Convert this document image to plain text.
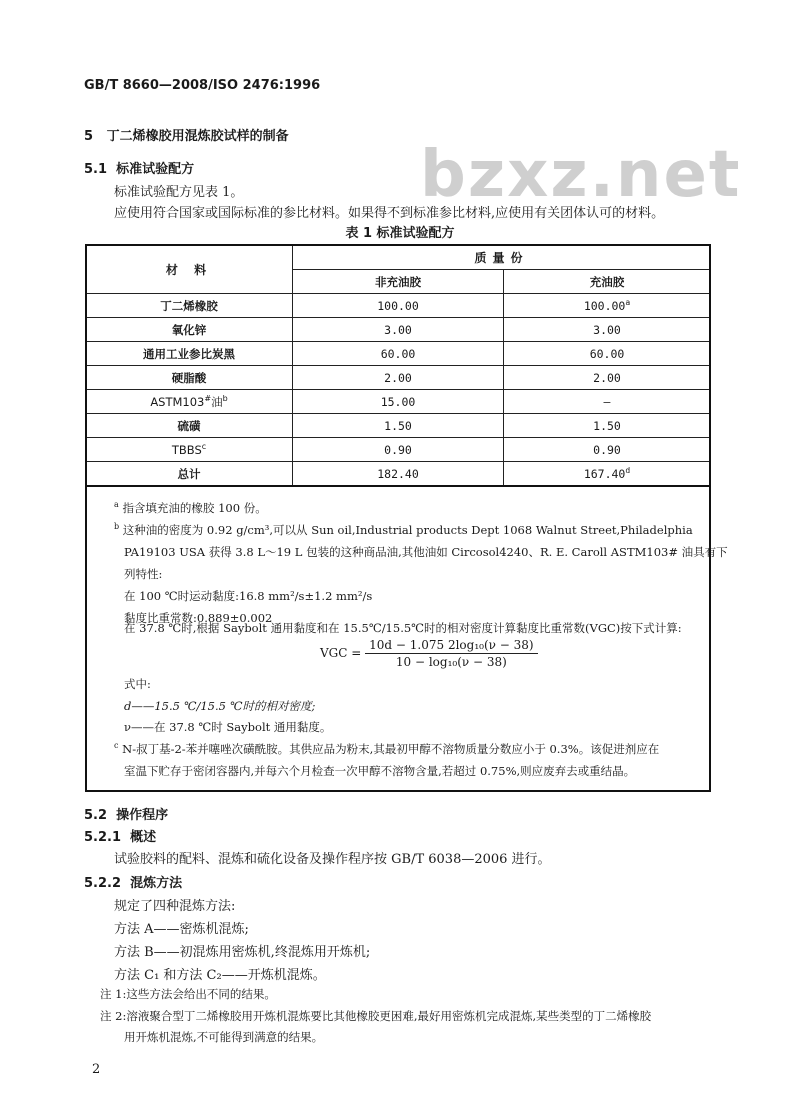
GB/T 8660—2008/ISO 2476:1996
bzxz.net
5 丁二烯橡胶用混炼胶试样的制备
5.1 标准试验配方
标准试验配方见表 1。
应使用符合国家或国际标准的参比材料。如果得不到标准参比材料,应使用有关团体认可的材料。
表 1 标准试验配方
材 料	质量份	
	非充油胶	充油胶
丁二烯橡胶	100.00	100.00$^a$
氧化锌	3.00	3.00
通用工业参比炭黑	60.00	60.00
硬脂酸	2.00	2.00
ASTM103#油$^b$	15.00	—
硫磺	1.50	1.50
TBBS$^c$	0.90	0.90
总计	182.40	167.40$^d$
$^a$ 指含填充油的橡胶 100 份。
$^b$ 这种油的密度为 0.92 g/cm³,可以从 Sun oil,Industrial products Dept 1068 Walnut Street,Philadelphia
PA19103 USA 获得 3.8 L～19 L 包装的这种商品油,其他油如 Circosol4240、R. E. Caroll ASTM103# 油具有下
列特性:
在 100 ℃时运动黏度:16.8 mm²/s±1.2 mm²/s
黏度比重常数:0.889±0.002
在 37.8 ℃时,根据 Saybolt 通用黏度和在 15.5℃/15.5℃时的相对密度计算黏度比重常数(VGC)按下式计算:
VGC = $\frac{\text{10d − 1.075 2log₁₀(ν − 38)}}{\text{10 − log₁₀(ν − 38)}}$
式中:
d——15.5 ℃/15.5 ℃时的相对密度;
ν——在 37.8 ℃时 Saybolt 通用黏度。
$^c$ N-叔丁基-2-苯并噻唑次磺酰胺。其供应品为粉末,其最初甲醇不溶物质量分数应小于 0.3%。该促进剂应在
室温下贮存于密闭容器内,并每六个月检查一次甲醇不溶物含量,若超过 0.75%,则应废弃去或重结晶。
5.2 操作程序
5.2.1 概述
试验胶料的配料、混炼和硫化设备及操作程序按 GB/T 6038—2006 进行。
5.2.2 混炼方法
规定了四种混炼方法:
方法 A——密炼机混炼;
方法 B——初混炼用密炼机,终混炼用开炼机;
方法 C₁ 和方法 C₂——开炼机混炼。
注 1:这些方法会给出不同的结果。
注 2:溶液聚合型丁二烯橡胶用开炼机混炼要比其他橡胶更困难,最好用密炼机完成混炼,某些类型的丁二烯橡胶
用开炼机混炼,不可能得到满意的结果。
2
